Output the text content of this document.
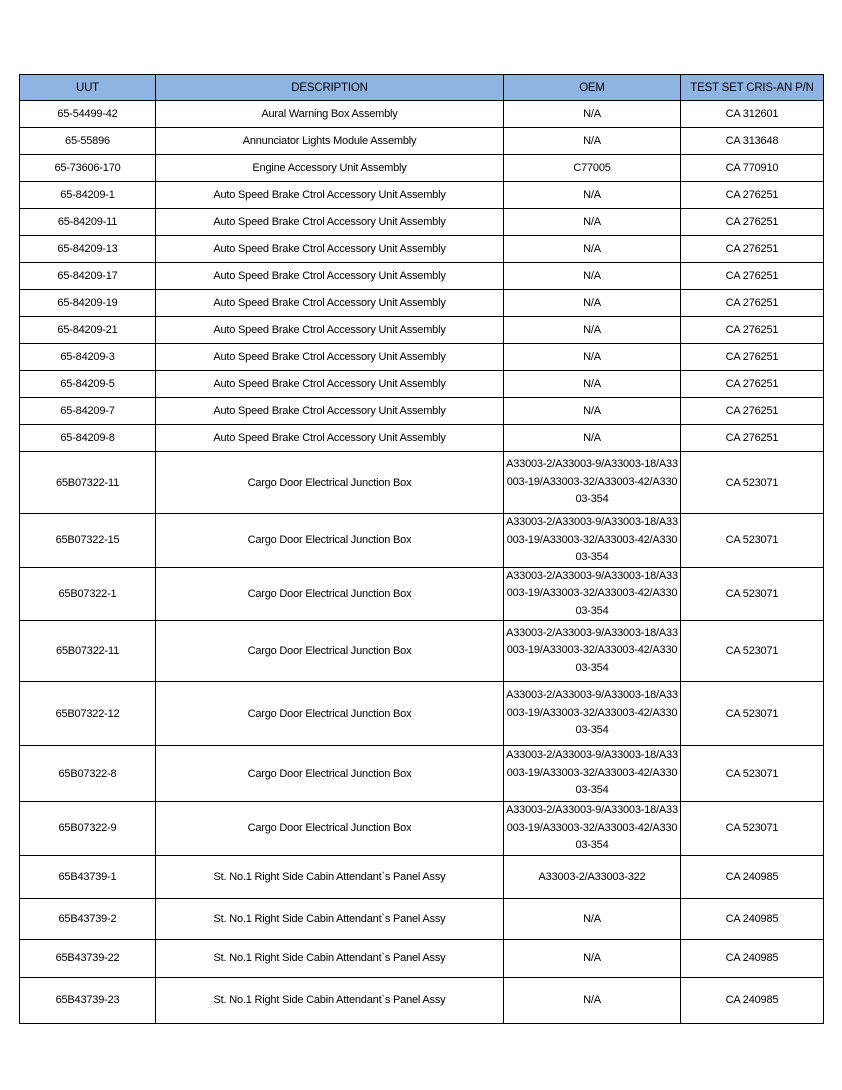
UUT	DESCRIPTION	OEM	TEST SET CRIS-AN P/N
65-54499-42	Aural Warning Box Assembly	N/A	CA 312601
65-55896	Annunciator Lights Module Assembly	N/A	CA 313648
65-73606-170	Engine Accessory Unit Assembly	C77005	CA 770910
65-84209-1	Auto Speed Brake Ctrol Accessory Unit Assembly	N/A	CA 276251
65-84209-11	Auto Speed Brake Ctrol Accessory Unit Assembly	N/A	CA 276251
65-84209-13	Auto Speed Brake Ctrol Accessory Unit Assembly	N/A	CA 276251
65-84209-17	Auto Speed Brake Ctrol Accessory Unit Assembly	N/A	CA 276251
65-84209-19	Auto Speed Brake Ctrol Accessory Unit Assembly	N/A	CA 276251
65-84209-21	Auto Speed Brake Ctrol Accessory Unit Assembly	N/A	CA 276251
65-84209-3	Auto Speed Brake Ctrol Accessory Unit Assembly	N/A	CA 276251
65-84209-5	Auto Speed Brake Ctrol Accessory Unit Assembly	N/A	CA 276251
65-84209-7	Auto Speed Brake Ctrol Accessory Unit Assembly	N/A	CA 276251
65-84209-8	Auto Speed Brake Ctrol Accessory Unit Assembly	N/A	CA 276251
65B07322-11	Cargo Door Electrical Junction Box	A33003-2/A33003-9/A33003-18/A33003-19/A33003-32/A33003-42/A33003-354	CA 523071
65B07322-15	Cargo Door Electrical Junction Box	A33003-2/A33003-9/A33003-18/A33003-19/A33003-32/A33003-42/A33003-354	CA 523071
65B07322-1	Cargo Door Electrical Junction Box	A33003-2/A33003-9/A33003-18/A33003-19/A33003-32/A33003-42/A33003-354	CA 523071
65B07322-11	Cargo Door Electrical Junction Box	A33003-2/A33003-9/A33003-18/A33003-19/A33003-32/A33003-42/A33003-354	CA 523071
65B07322-12	Cargo Door Electrical Junction Box	A33003-2/A33003-9/A33003-18/A33003-19/A33003-32/A33003-42/A33003-354	CA 523071
65B07322-8	Cargo Door Electrical Junction Box	A33003-2/A33003-9/A33003-18/A33003-19/A33003-32/A33003-42/A33003-354	CA 523071
65B07322-9	Cargo Door Electrical Junction Box	A33003-2/A33003-9/A33003-18/A33003-19/A33003-32/A33003-42/A33003-354	CA 523071
65B43739-1	St. No.1 Right Side Cabin Attendant`s Panel Assy	A33003-2/A33003-322	CA 240985
65B43739-2	St. No.1 Right Side Cabin Attendant`s Panel Assy	N/A	CA 240985
65B43739-22	St. No.1 Right Side Cabin Attendant`s Panel Assy	N/A	CA 240985
65B43739-23	St. No.1 Right Side Cabin Attendant`s Panel Assy	N/A	CA 240985
